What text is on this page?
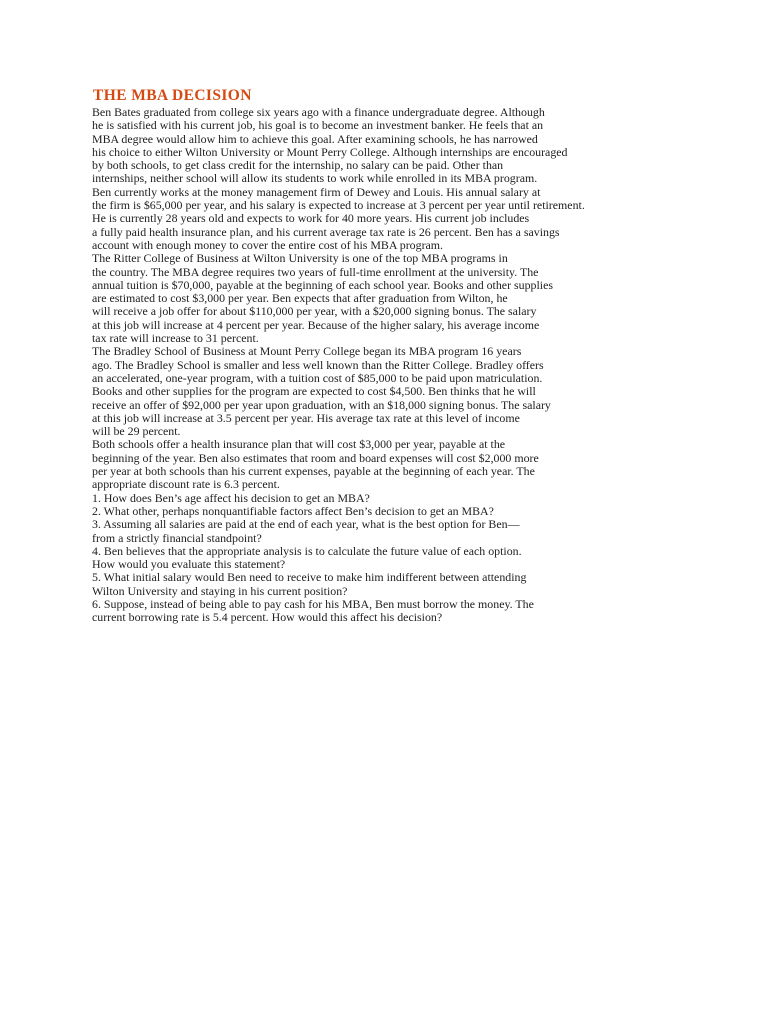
THE MBA DECISION
Ben Bates graduated from college six years ago with a finance undergraduate degree. Although
he is satisfied with his current job, his goal is to become an investment banker. He feels that an
MBA degree would allow him to achieve this goal. After examining schools, he has narrowed
his choice to either Wilton University or Mount Perry College. Although internships are encouraged
by both schools, to get class credit for the internship, no salary can be paid. Other than
internships, neither school will allow its students to work while enrolled in its MBA program.
Ben currently works at the money management firm of Dewey and Louis. His annual salary at
the firm is $65,000 per year, and his salary is expected to increase at 3 percent per year until retirement.
He is currently 28 years old and expects to work for 40 more years. His current job includes
a fully paid health insurance plan, and his current average tax rate is 26 percent. Ben has a savings
account with enough money to cover the entire cost of his MBA program.
The Ritter College of Business at Wilton University is one of the top MBA programs in
the country. The MBA degree requires two years of full-time enrollment at the university. The
annual tuition is $70,000, payable at the beginning of each school year. Books and other supplies
are estimated to cost $3,000 per year. Ben expects that after graduation from Wilton, he
will receive a job offer for about $110,000 per year, with a $20,000 signing bonus. The salary
at this job will increase at 4 percent per year. Because of the higher salary, his average income
tax rate will increase to 31 percent.
The Bradley School of Business at Mount Perry College began its MBA program 16 years
ago. The Bradley School is smaller and less well known than the Ritter College. Bradley offers
an accelerated, one-year program, with a tuition cost of $85,000 to be paid upon matriculation.
Books and other supplies for the program are expected to cost $4,500. Ben thinks that he will
receive an offer of $92,000 per year upon graduation, with an $18,000 signing bonus. The salary
at this job will increase at 3.5 percent per year. His average tax rate at this level of income
will be 29 percent.
Both schools offer a health insurance plan that will cost $3,000 per year, payable at the
beginning of the year. Ben also estimates that room and board expenses will cost $2,000 more
per year at both schools than his current expenses, payable at the beginning of each year. The
appropriate discount rate is 6.3 percent.
1. How does Ben’s age affect his decision to get an MBA?
2. What other, perhaps nonquantifiable factors affect Ben’s decision to get an MBA?
3. Assuming all salaries are paid at the end of each year, what is the best option for Ben—
from a strictly financial standpoint?
4. Ben believes that the appropriate analysis is to calculate the future value of each option.
How would you evaluate this statement?
5. What initial salary would Ben need to receive to make him indifferent between attending
Wilton University and staying in his current position?
6. Suppose, instead of being able to pay cash for his MBA, Ben must borrow the money. The
current borrowing rate is 5.4 percent. How would this affect his decision?
